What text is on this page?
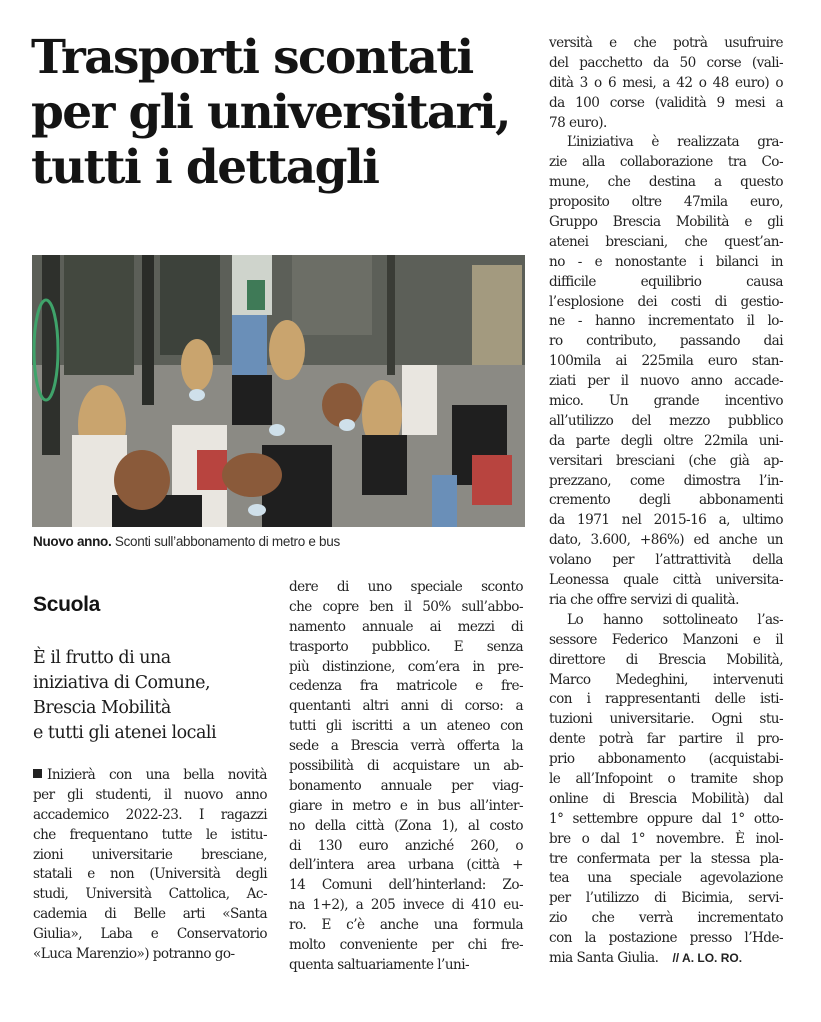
Trasporti scontati
per gli universitari,
tutti i dettagli
Nuovo anno. Sconti sull’abbonamento di metro e bus
Scuola
È il frutto di una
iniziativa di Comune,
Brescia Mobilità
e tutti gli atenei locali
Inizierà con una bella novità
per gli studenti, il nuovo anno
accademico 2022-23. I ragazzi
che frequentano tutte le istitu-
zioni universitarie bresciane,
statali e non (Università degli
studi, Università Cattolica, Ac-
cademia di Belle arti «Santa
Giulia», Laba e Conservatorio
«Luca Marenzio») potranno go-
dere di uno speciale sconto
che copre ben il 50% sull’abbo-
namento annuale ai mezzi di
trasporto pubblico. E senza
più distinzione, com’era in pre-
cedenza fra matricole e fre-
quentanti altri anni di corso: a
tutti gli iscritti a un ateneo con
sede a Brescia verrà offerta la
possibilità di acquistare un ab-
bonamento annuale per viag-
giare in metro e in bus all’inter-
no della città (Zona 1), al costo
di 130 euro anziché 260, o
dell’intera area urbana (città +
14 Comuni dell’hinterland: Zo-
na 1+2), a 205 invece di 410 eu-
ro. E c’è anche una formula
molto conveniente per chi fre-
quenta saltuariamente l’uni-
versità e che potrà usufruire
del pacchetto da 50 corse (vali-
dità 3 o 6 mesi, a 42 o 48 euro) o
da 100 corse (validità 9 mesi a
78 euro).
L’iniziativa è realizzata gra-
zie alla collaborazione tra Co-
mune, che destina a questo
proposito oltre 47mila euro,
Gruppo Brescia Mobilità e gli
atenei bresciani, che quest’an-
no - e nonostante i bilanci in
difficile equilibrio causa
l’esplosione dei costi di gestio-
ne - hanno incrementato il lo-
ro contributo, passando dai
100mila ai 225mila euro stan-
ziati per il nuovo anno accade-
mico. Un grande incentivo
all’utilizzo del mezzo pubblico
da parte degli oltre 22mila uni-
versitari bresciani (che già ap-
prezzano, come dimostra l’in-
cremento degli abbonamenti
da 1971 nel 2015-16 a, ultimo
dato, 3.600, +86%) ed anche un
volano per l’attrattività della
Leonessa quale città universita-
ria che offre servizi di qualità.
Lo hanno sottolineato l’as-
sessore Federico Manzoni e il
direttore di Brescia Mobilità,
Marco Medeghini, intervenuti
con i rappresentanti delle isti-
tuzioni universitarie. Ogni stu-
dente potrà far partire il pro-
prio abbonamento (acquistabi-
le all’Infopoint o tramite shop
online di Brescia Mobilità) dal
1° settembre oppure dal 1° otto-
bre o dal 1° novembre. È inol-
tre confermata per la stessa pla-
tea una speciale agevolazione
per l’utilizzo di Bicimia, servi-
zio che verrà incrementato
con la postazione presso l’Hde-
mia Santa Giulia. // A. LO. RO.
